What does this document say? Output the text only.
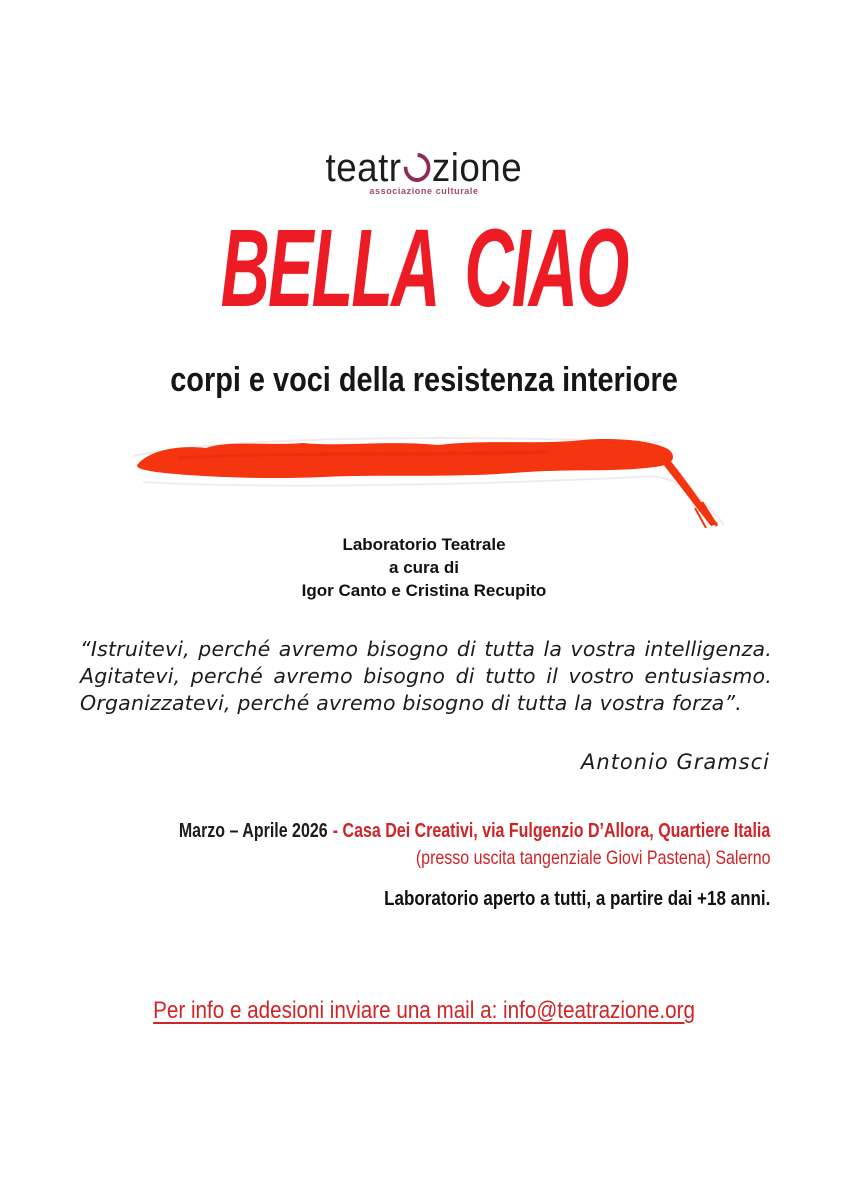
teatr zione
associazione culturale
BELLA CIAO
corpi e voci della resistenza interiore
Laboratorio Teatrale
a cura di
Igor Canto e Cristina Recupito
“Istruitevi, perché avremo bisogno di tutta la vostra intelligenza. Agitatevi, perché avremo bisogno di tutto il vostro entusiasmo. Organizzatevi, perché avremo bisogno di tutta la vostra forza”.
Antonio Gramsci
Marzo – Aprile 2026 - Casa Dei Creativi, via Fulgenzio D’Allora, Quartiere Italia
(presso uscita tangenziale Giovi Pastena) Salerno
Laboratorio aperto a tutti, a partire dai +18 anni.
Per info e adesioni inviare una mail a: info@teatrazione.org
